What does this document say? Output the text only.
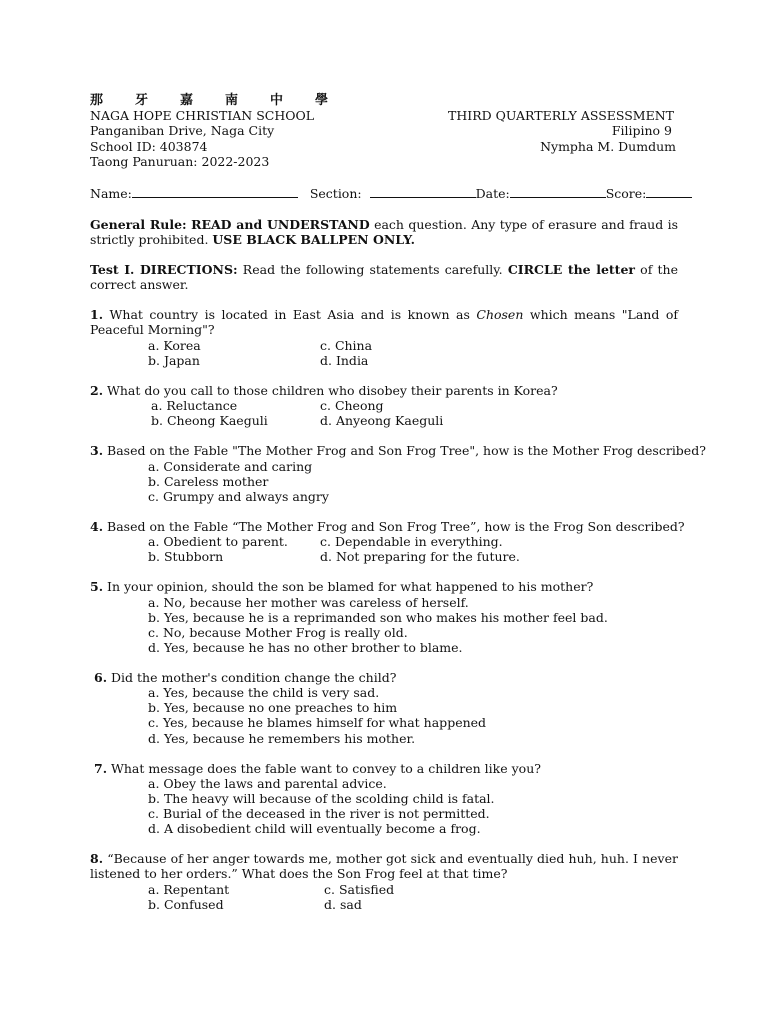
那 牙 嘉 南 中 學
NAGA HOPE CHRISTIAN SCHOOL
Panganiban Drive, Naga City
School ID: 403874
Taong Panuruan: 2022-2023
THIRD QUARTERLY ASSESSMENT
Filipino 9
Nympha M. Dumdum
Name:	Section:	Date:	Score:
General Rule: READ and UNDERSTAND each question. Any type of erasure and fraud is strictly prohibited. USE BLACK BALLPEN ONLY.
Test I. DIRECTIONS: Read the following statements carefully. CIRCLE the letter of the correct answer.
1. What country is located in East Asia and is known as Chosen which means "Land of Peaceful Morning"?
a. Korea
b. Japan
c. China
d. India
2. What do you call to those children who disobey their parents in Korea?
a. Reluctance
b. Cheong Kaeguli
c. Cheong
d. Anyeong Kaeguli
3. Based on the Fable "The Mother Frog and Son Frog Tree", how is the Mother Frog described?
a. Considerate and caring
b. Careless mother
c. Grumpy and always angry
4. Based on the Fable “The Mother Frog and Son Frog Tree”, how is the Frog Son described?
a. Obedient to parent.
b. Stubborn
c. Dependable in everything.
d. Not preparing for the future.
5. In your opinion, should the son be blamed for what happened to his mother?
a. No, because her mother was careless of herself.
b. Yes, because he is a reprimanded son who makes his mother feel bad.
c. No, because Mother Frog is really old.
d. Yes, because he has no other brother to blame.
6. Did the mother's condition change the child?
a. Yes, because the child is very sad.
b. Yes, because no one preaches to him
c. Yes, because he blames himself for what happened
d. Yes, because he remembers his mother.
7. What message does the fable want to convey to a children like you?
a. Obey the laws and parental advice.
b. The heavy will because of the scolding child is fatal.
c. Burial of the deceased in the river is not permitted.
d. A disobedient child will eventually become a frog.
8. “Because of her anger towards me, mother got sick and eventually died huh, huh. I never listened to her orders.” What does the Son Frog feel at that time?
a. Repentant
b. Confused
c. Satisfied
d. sad
